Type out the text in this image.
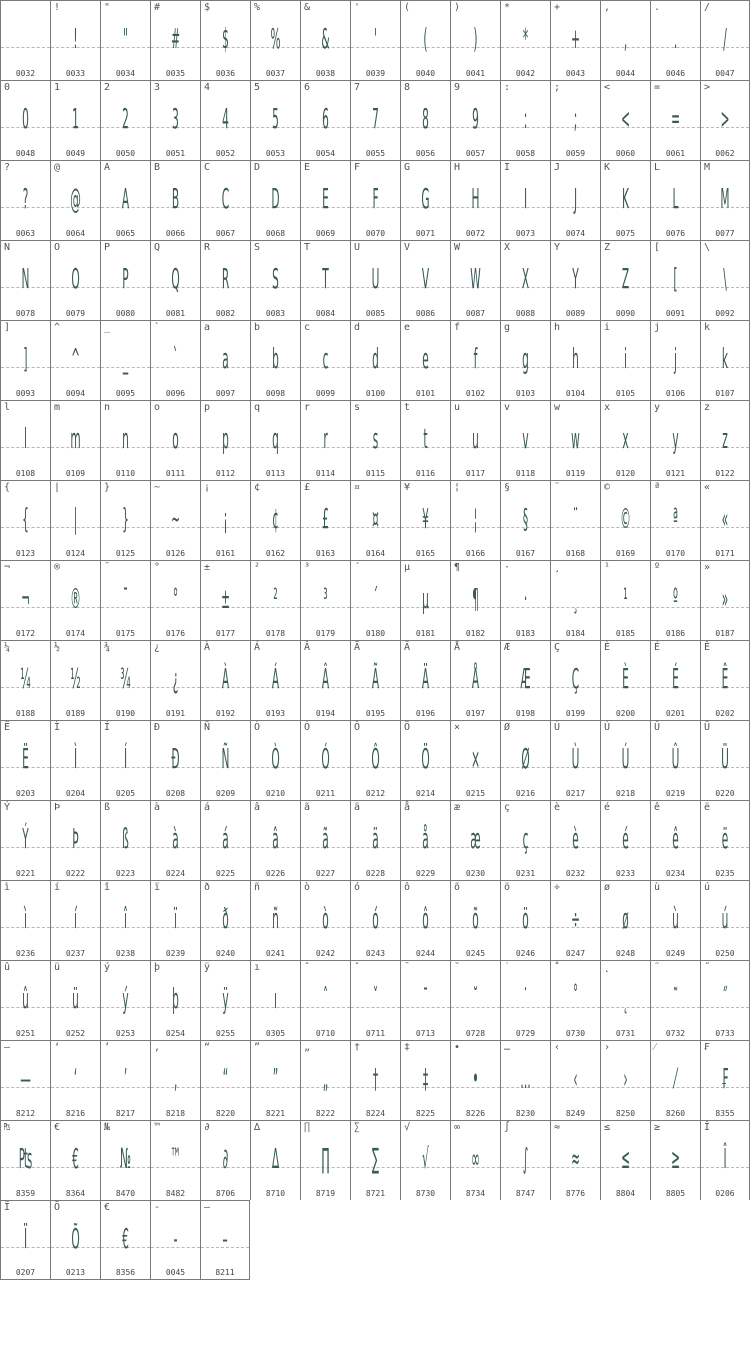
0032
!
!
0033
"
"
0034
#
#
0035
$
$
0036
%
%
0037
&
&
0038
'
'
0039
(
(
0040
)
)
0041
*
*
0042
+
+
0043
,
,
0044
.
.
0046
/
/
0047
0
0
0048
1
1
0049
2
2
0050
3
3
0051
4
4
0052
5
5
0053
6
6
0054
7
7
0055
8
8
0056
9
9
0057
:
:
0058
;
;
0059
<
<
0060
=
=
0061
>
>
0062
?
?
0063
@
@
0064
A
A
0065
B
B
0066
C
C
0067
D
D
0068
E
E
0069
F
F
0070
G
G
0071
H
H
0072
I
I
0073
J
J
0074
K
K
0075
L
L
0076
M
M
0077
N
N
0078
O
O
0079
P
P
0080
Q
Q
0081
R
R
0082
S
S
0083
T
T
0084
U
U
0085
V
V
0086
W
W
0087
X
X
0088
Y
Y
0089
Z
Z
0090
[
[
0091
\
\
0092
]
]
0093
^
^
0094
_
_
0095
`
`
0096
a
a
0097
b
b
0098
c
c
0099
d
d
0100
e
e
0101
f
f
0102
g
g
0103
h
h
0104
i
i
0105
j
j
0106
k
k
0107
l
l
0108
m
m
0109
n
n
0110
o
o
0111
p
p
0112
q
q
0113
r
r
0114
s
s
0115
t
t
0116
u
u
0117
v
v
0118
w
w
0119
x
x
0120
y
y
0121
z
z
0122
{
{
0123
|
|
0124
}
}
0125
~
~
0126
¡
¡
0161
¢
¢
0162
£
£
0163
¤
¤
0164
¥
¥
0165
¦
¦
0166
§
§
0167
¨
¨
0168
©
©
0169
ª
ª
0170
«
«
0171
¬
¬
0172
®
®
0174
¯
¯
0175
°
°
0176
±
±
0177
²
²
0178
³
³
0179
´
´
0180
µ
µ
0181
¶
¶
0182
·
·
0183
¸
¸
0184
¹
¹
0185
º
º
0186
»
»
0187
¼
¼
0188
½
½
0189
¾
¾
0190
¿
¿
0191
À
À
0192
Á
Á
0193
Â
Â
0194
Ã
Ã
0195
Ä
Ä
0196
Å
Å
0197
Æ
Æ
0198
Ç
Ç
0199
È
È
0200
É
É
0201
Ê
Ê
0202
Ë
Ë
0203
Ì
Ì
0204
Í
Í
0205
Ð
Ð
0208
Ñ
Ñ
0209
Ò
Ò
0210
Ó
Ó
0211
Ô
Ô
0212
Ö
Ö
0214
×
×
0215
Ø
Ø
0216
Ù
Ù
0217
Ú
Ú
0218
Û
Û
0219
Ü
Ü
0220
Ý
Ý
0221
Þ
Þ
0222
ß
ß
0223
à
à
0224
á
á
0225
â
â
0226
ã
ã
0227
ä
ä
0228
å
å
0229
æ
æ
0230
ç
ç
0231
è
è
0232
é
é
0233
ê
ê
0234
ë
ë
0235
ì
ì
0236
í
í
0237
î
î
0238
ï
ï
0239
ð
ð
0240
ñ
ñ
0241
ò
ò
0242
ó
ó
0243
ô
ô
0244
õ
õ
0245
ö
ö
0246
÷
÷
0247
ø
ø
0248
ù
ù
0249
ú
ú
0250
û
û
0251
ü
ü
0252
ý
ý
0253
þ
þ
0254
ÿ
ÿ
0255
ı
ı
0305
ˆ
ˆ
0710
ˇ
ˇ
0711
ˉ
ˉ
0713
˘
˘
0728
˙
˙
0729
˚
˚
0730
˛
˛
0731
˜
˜
0732
˝
˝
0733
—
—
8212
‘
‘
8216
’
’
8217
‚
‚
8218
“
“
8220
”
”
8221
„
„
8222
†
†
8224
‡
‡
8225
•
•
8226
…
…
8230
‹
‹
8249
›
›
8250
⁄
⁄
8260
₣
₣
8355
₧
₧
8359
€
€
8364
№
№
8470
™
™
8482
∂
∂
8706
∆
∆
8710
∏
∏
8719
∑
∑
8721
√
√
8730
∞
∞
8734
∫
∫
8747
≈
≈
8776
≤
≤
8804
≥
≥
8805
Î
Î
0206
Ï
Ï
0207
Õ
Õ
0213
€
€
8356
-
-
0045
–
–
8211
